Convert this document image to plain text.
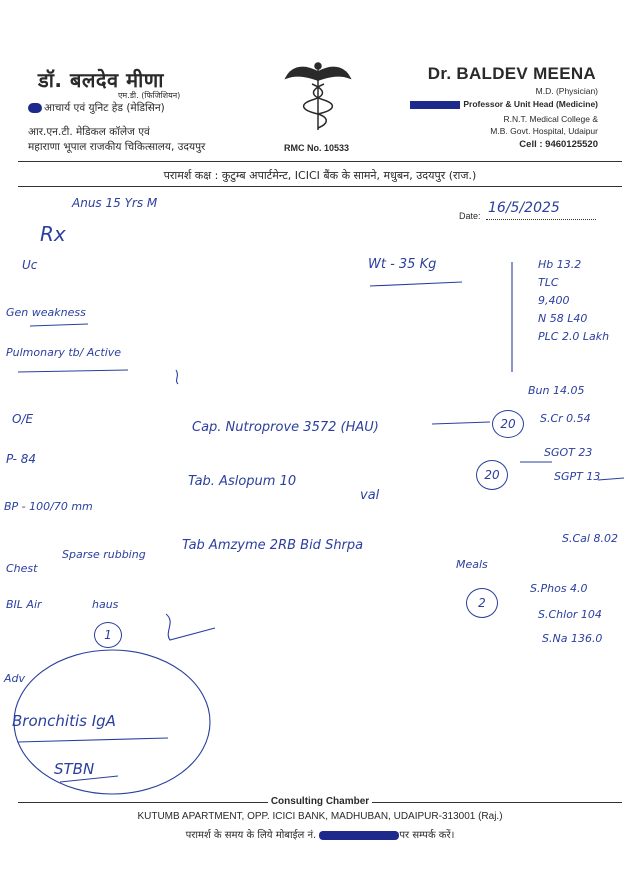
डॉ. बलदेव मीणा
एम.डी. (फिजिशियन)
आचार्य एवं युनिट हेड (मेडिसिन)
आर.एन.टी. मेडिकल कॉलेज एवं
महाराणा भूपाल राजकीय चिकित्सालय, उदयपुर	RMC No. 10533
Dr. BALDEV MEENA
M.D. (Physician)
Professor & Unit Head (Medicine)
R.N.T. Medical College &
M.B. Govt. Hospital, Udaipur
Cell : 9460125520
परामर्श कक्ष : कुटुम्ब अपार्टमेन्ट, ICICI बैंक के सामने, मधुबन, उदयपुर (राज.)
Date: 16/5/2025
Anus 15 Yrs M
Rx
Uc	Wt - 35 Kg
Gen weakness
Pulmonary tb/ Active
Hb 13.2
TLC
9,400
N 58 L40
PLC 2.0 Lakh
Bun 14.05
S.Cr 0.54
SGOT 23
SGPT 13
S.Cal 8.02
S.Phos 4.0
S.Chlor 104
S.Na 136.0
O/E
P- 84
BP - 100/70 mm
Chest
Sparse rubbing
BIL Air	haus
Cap. Nutroprove 3572 (HAU)
Tab. Aslopum 10
val
Tab Amzyme 2RB Bid Shrpa
Meals
20
20
2
1
Adv
Bronchitis IgA
STBN
Consulting Chamber
KUTUMB APARTMENT, OPP. ICICI BANK, MADHUBAN, UDAIPUR-313001 (Raj.)
परामर्श के समय के लिये मोबाईल नं.	पर सम्पर्क करें।
